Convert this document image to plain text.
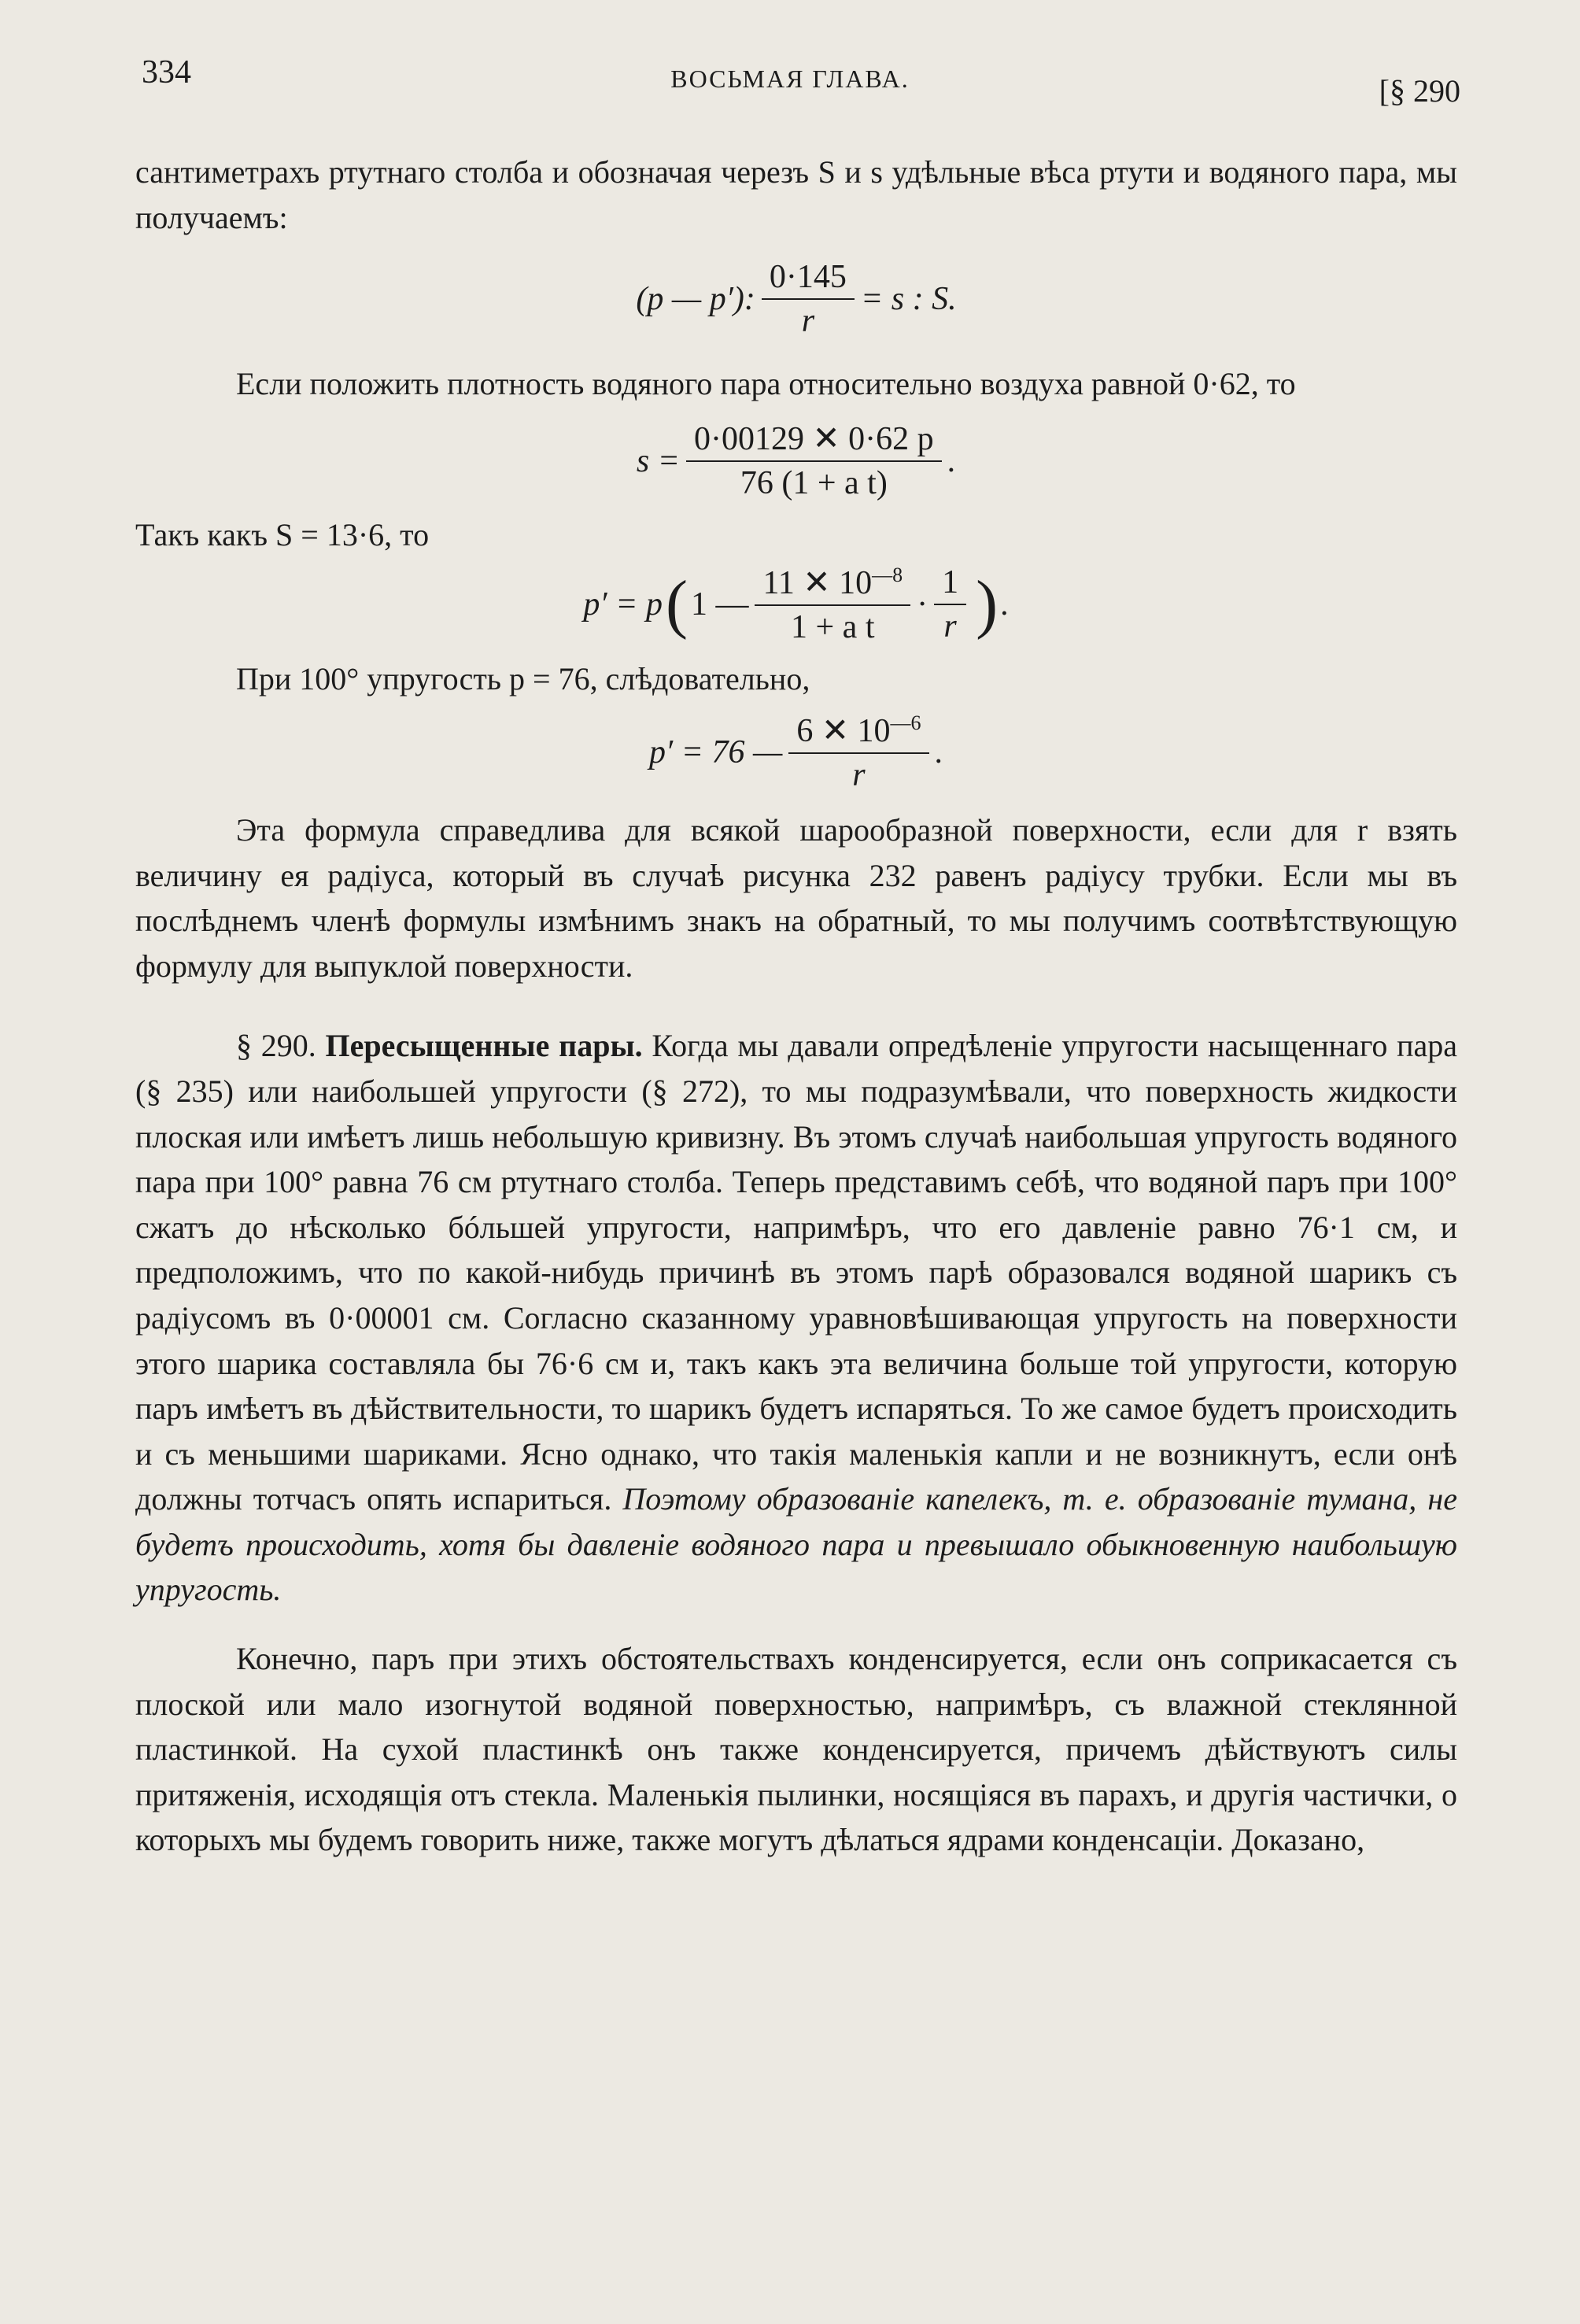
334	ВОСЬМАЯ ГЛАВА.	[§ 290

сантиметрахъ ртутнаго столба и обозначая черезъ S и s удѣльные вѣса ртути и водяного пара, мы получаемъ:

(p — p′): $\frac{0\cdot 145}{r} = s$ : S.

Если положить плотность водяного пара относительно воздуха равной 0·62, то

$s = \frac{0\cdot 00129 ✕ 0\cdot 62 p}{\text{76 (1 + a t)}}$ .

Такъ какъ S = 13·6, то

p′ = p ( 1 — $\frac{11 ✕ 10^{—8}}{\text{1 + a t}} \cdot \frac{1}{r}$ ) .

При 100° упругость p = 76, слѣдовательно,

p′ = 76 — $\frac{6 ✕ 10^{—6}}{r}$ .

Эта формула справедлива для всякой шарообразной поверхности, если для r взять величину ея радiуса, который въ случаѣ рисунка 232 равенъ радiусу трубки. Если мы въ послѣднемъ членѣ формулы измѣнимъ знакъ на обратный, то мы получимъ соотвѣтствующую формулу для выпуклой поверхности.

§ 290. Пересыщенные пары. Когда мы давали опредѣленiе упругости насыщеннаго пара (§ 235) или наибольшей упругости (§ 272), то мы подразумѣвали, что поверхность жидкости плоская или имѣетъ лишь небольшую кривизну. Въ этомъ случаѣ наибольшая упругость водяного пара при 100° равна 76 см ртутнаго столба. Теперь представимъ себѣ, что водяной паръ при 100° сжатъ до нѣсколько бóльшей упругости, напримѣръ, что его давленiе равно 76·1 см, и предположимъ, что по какой-нибудь причинѣ въ этомъ парѣ образовался водяной шарикъ съ радiусомъ въ 0·00001 см. Согласно сказанному уравновѣшивающая упругость на поверхности этого шарика составляла бы 76·6 см и, такъ какъ эта величина больше той упругости, которую паръ имѣетъ въ дѣйствительности, то шарикъ будетъ испаряться. То же самое будетъ происходить и съ меньшими шариками. Ясно однако, что такiя маленькiя капли и не возникнутъ, если онѣ должны тотчасъ опять испариться. Поэтому образованiе капелекъ, т. е. образованiе тумана, не будетъ происходить, хотя бы давленiе водяного пара и превышало обыкновенную наибольшую упругость.

Конечно, паръ при этихъ обстоятельствахъ конденсируется, если онъ соприкасается съ плоской или мало изогнутой водяной поверхностью, напримѣръ, съ влажной стеклянной пластинкой. На сухой пластинкѣ онъ также конденсируется, причемъ дѣйствуютъ силы притяженiя, исходящiя отъ стекла. Маленькiя пылинки, носящiяся въ парахъ, и другiя частички, о которыхъ мы будемъ говорить ниже, также могутъ дѣлаться ядрами конденсацiи. Доказано,
